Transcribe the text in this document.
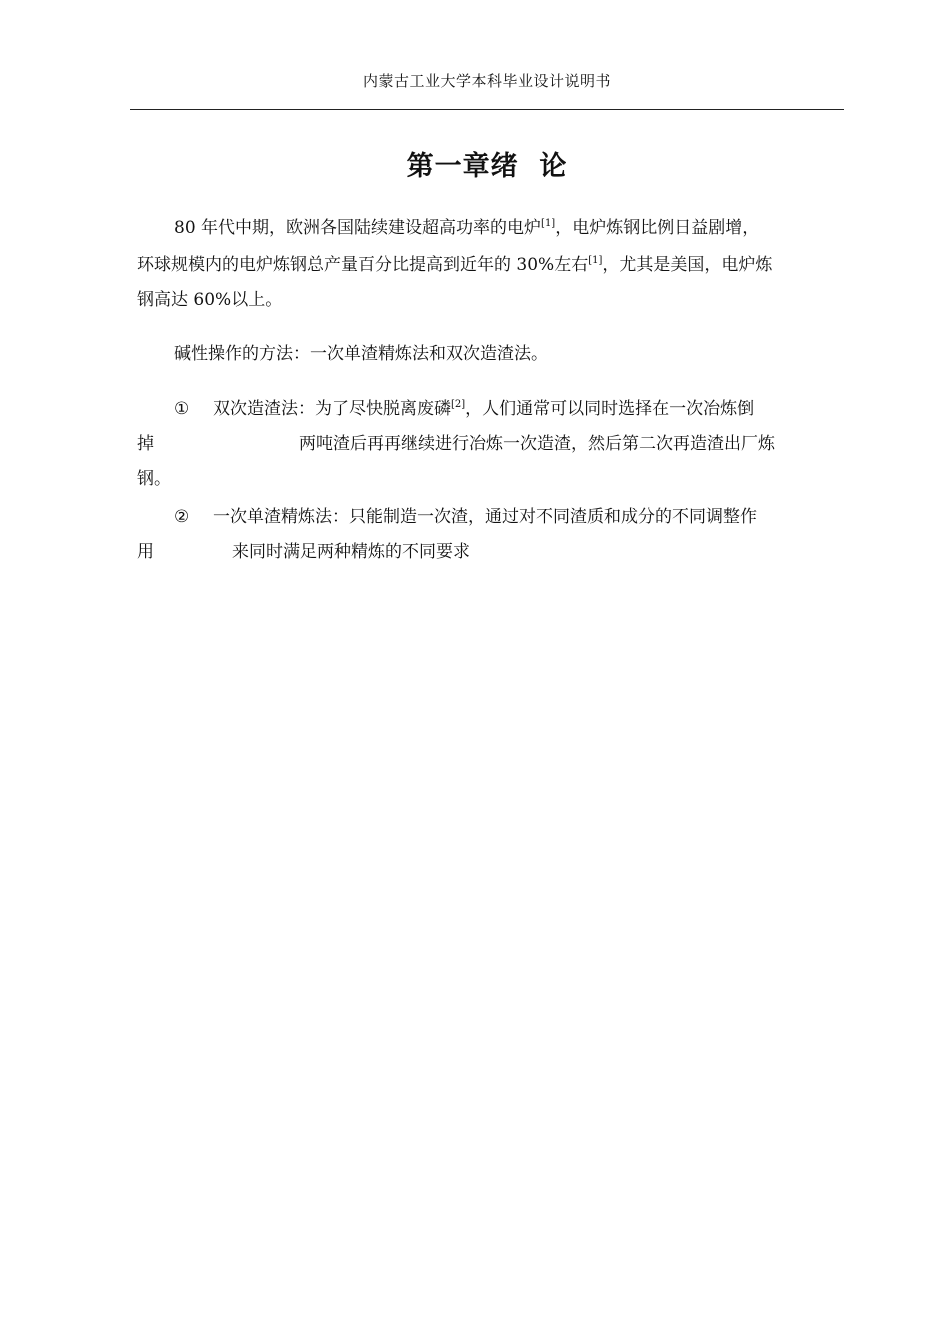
内蒙古工业大学本科毕业设计说明书
第一章绪  论
80 年代中期，欧洲各国陆续建设超高功率的电炉[1]，电炉炼钢比例日益剧增，
环球规模内的电炉炼钢总产量百分比提高到近年的 30%左右[1]，尤其是美国，电炉炼
钢高达 60%以上。
碱性操作的方法：一次单渣精炼法和双次造渣法。
① 双次造渣法：为了尽快脱离废磷[2]，人们通常可以同时选择在一次冶炼倒
掉	两吨渣后再再继续进行冶炼一次造渣，然后第二次再造渣出厂炼
钢。
② 一次单渣精炼法：只能制造一次渣，通过对不同渣质和成分的不同调整作
用	来同时满足两种精炼的不同要求
